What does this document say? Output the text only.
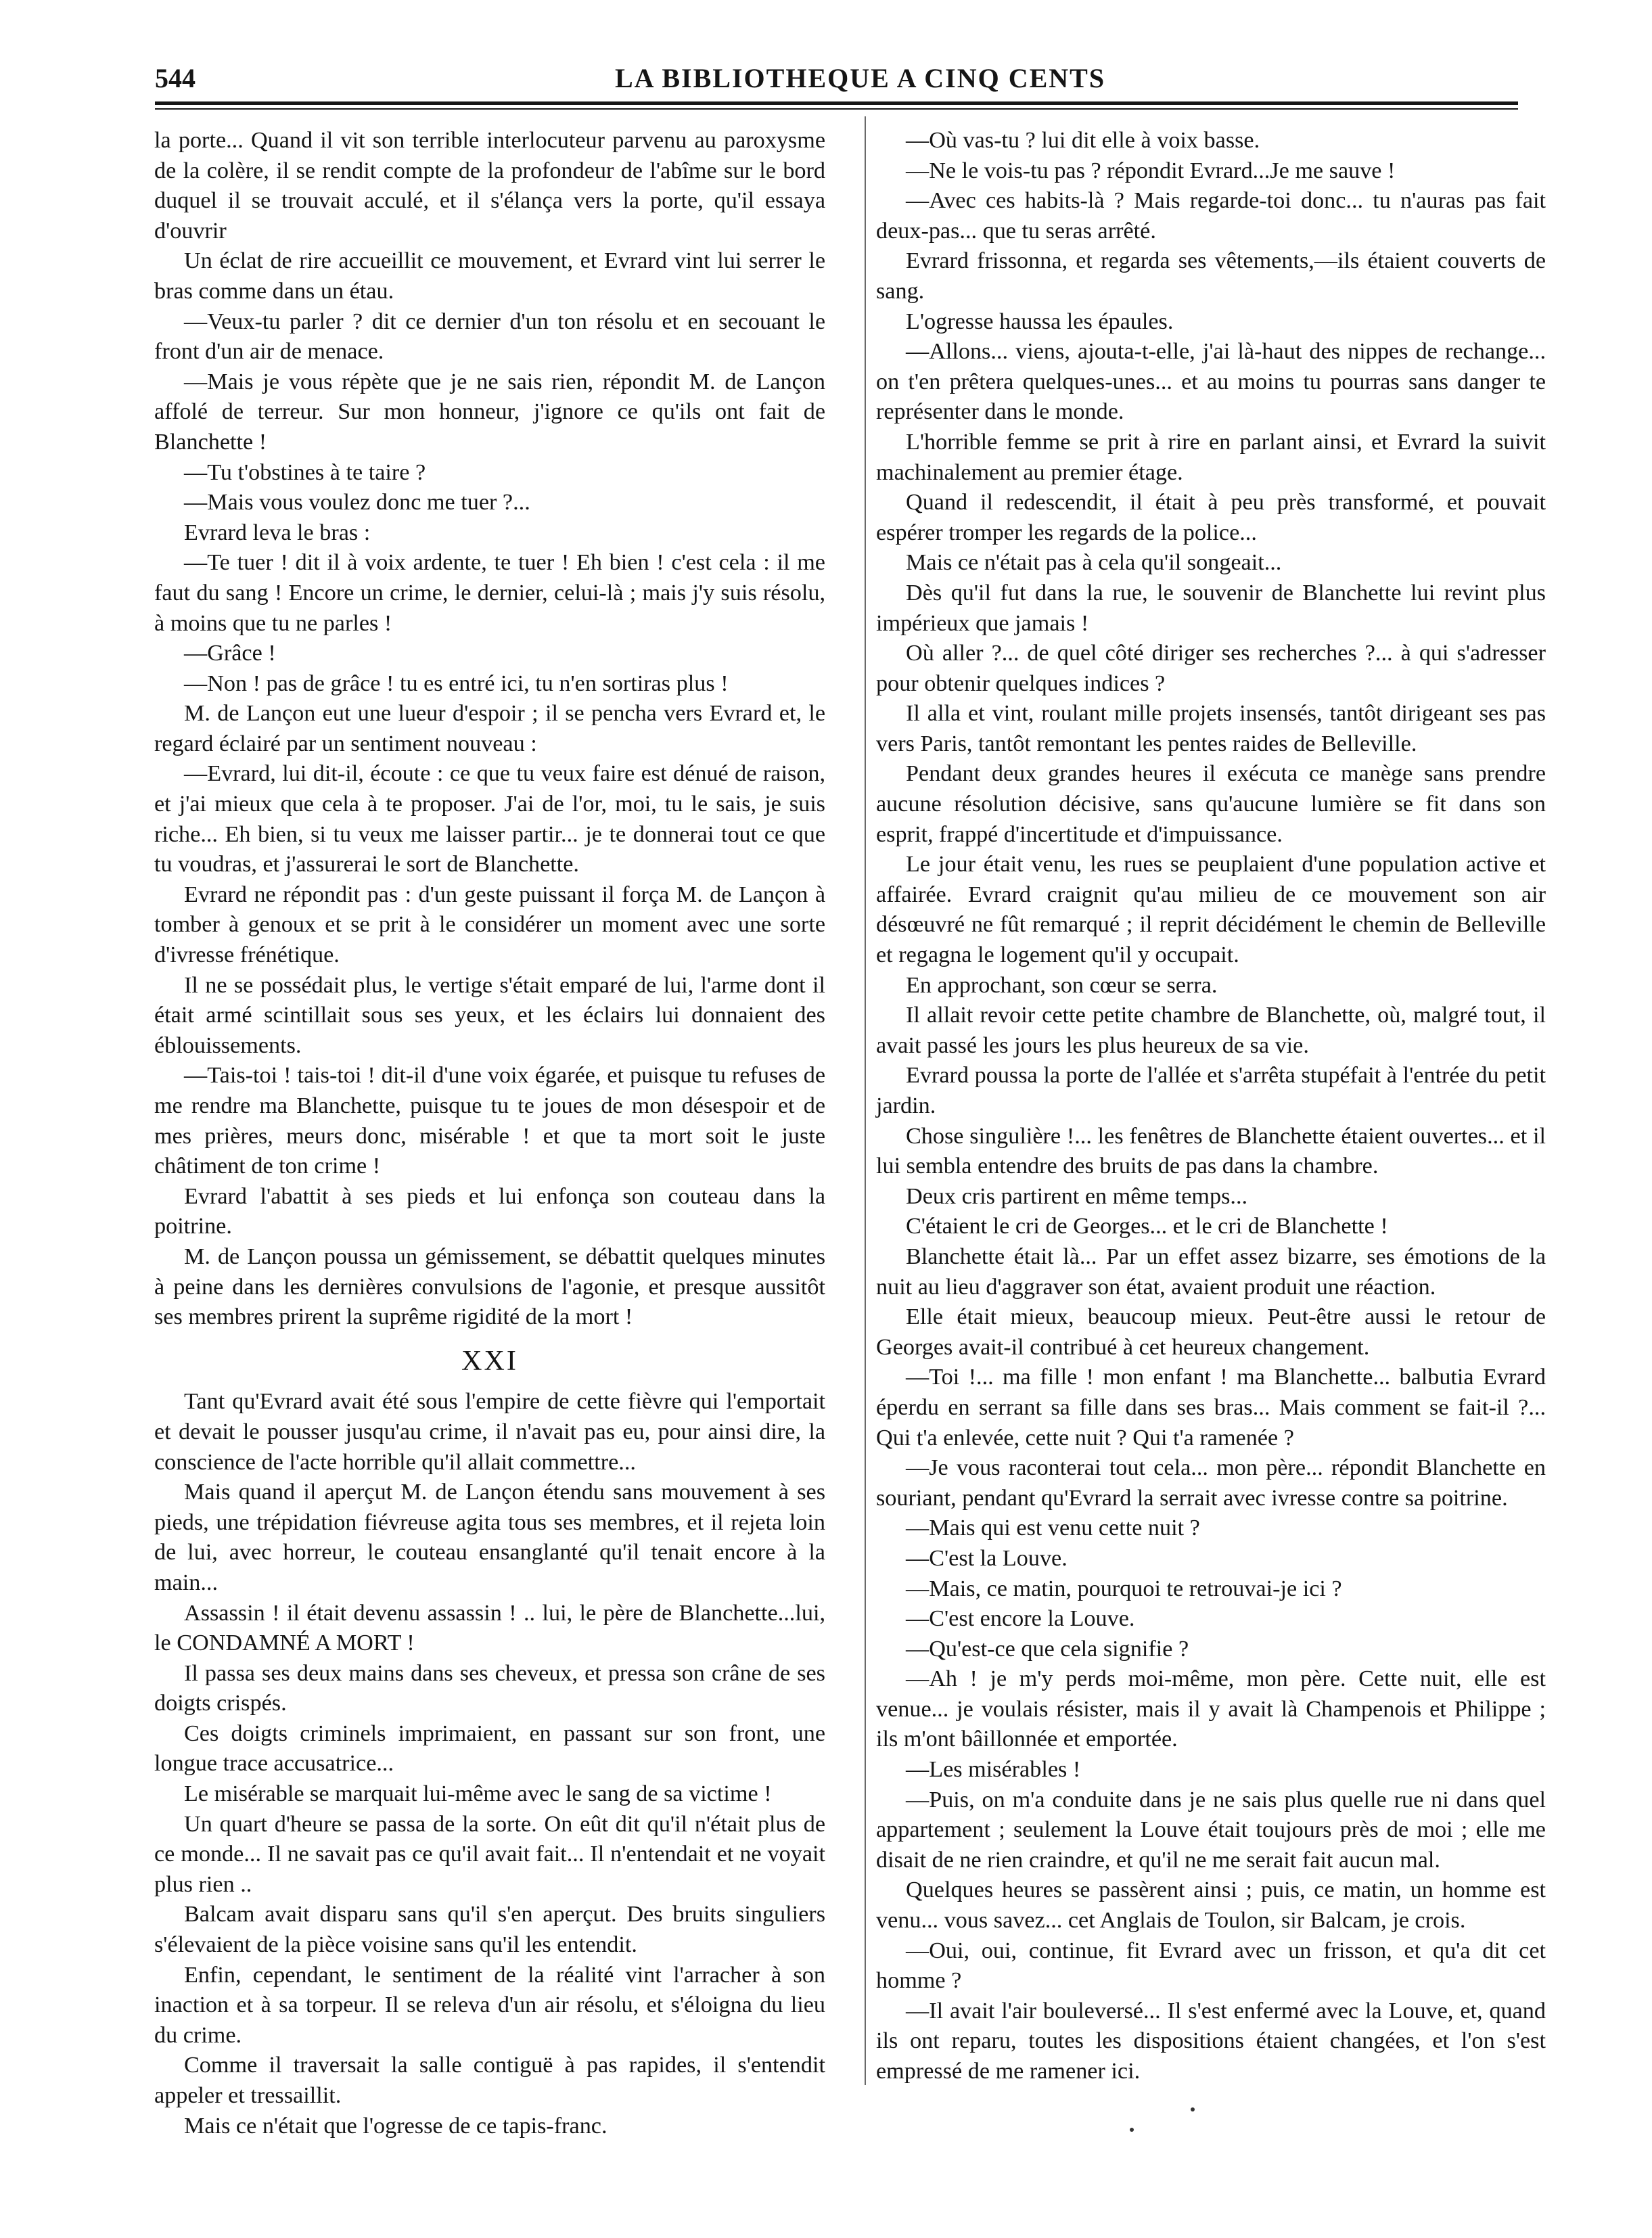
544	LA BIBLIOTHEQUE A CINQ CENTS

la porte... Quand il vit son terrible interlocuteur parvenu au paroxysme de la colère, il se rendit compte de la profondeur de l'abîme sur le bord duquel il se trouvait acculé, et il s'élança vers la porte, qu'il essaya d'ouvrir

Un éclat de rire accueillit ce mouvement, et Evrard vint lui serrer le bras comme dans un étau.

—Veux-tu parler ? dit ce dernier d'un ton résolu et en secouant le front d'un air de menace.

—Mais je vous répète que je ne sais rien, répondit M. de Lançon affolé de terreur. Sur mon honneur, j'ignore ce qu'ils ont fait de Blanchette !

—Tu t'obstines à te taire ?

—Mais vous voulez donc me tuer ?...

Evrard leva le bras :

—Te tuer ! dit il à voix ardente, te tuer ! Eh bien ! c'est cela : il me faut du sang ! Encore un crime, le dernier, celui-là ; mais j'y suis résolu, à moins que tu ne parles !

—Grâce !

—Non ! pas de grâce ! tu es entré ici, tu n'en sortiras plus !

M. de Lançon eut une lueur d'espoir ; il se pencha vers Evrard et, le regard éclairé par un sentiment nouveau :

—Evrard, lui dit-il, écoute : ce que tu veux faire est dénué de raison, et j'ai mieux que cela à te proposer. J'ai de l'or, moi, tu le sais, je suis riche... Eh bien, si tu veux me laisser partir... je te donnerai tout ce que tu voudras, et j'assurerai le sort de Blanchette.

Evrard ne répondit pas : d'un geste puissant il força M. de Lançon à tomber à genoux et se prit à le considérer un moment avec une sorte d'ivresse frénétique.

Il ne se possédait plus, le vertige s'était emparé de lui, l'arme dont il était armé scintillait sous ses yeux, et les éclairs lui donnaient des éblouissements.

—Tais-toi ! tais-toi ! dit-il d'une voix égarée, et puisque tu refuses de me rendre ma Blanchette, puisque tu te joues de mon désespoir et de mes prières, meurs donc, misérable ! et que ta mort soit le juste châtiment de ton crime !

Evrard l'abattit à ses pieds et lui enfonça son couteau dans la poitrine.

M. de Lançon poussa un gémissement, se débattit quelques minutes à peine dans les dernières convulsions de l'agonie, et presque aussitôt ses membres prirent la suprême rigidité de la mort !

XXI

Tant qu'Evrard avait été sous l'empire de cette fièvre qui l'emportait et devait le pousser jusqu'au crime, il n'avait pas eu, pour ainsi dire, la conscience de l'acte horrible qu'il allait commettre...

Mais quand il aperçut M. de Lançon étendu sans mouvement à ses pieds, une trépidation fiévreuse agita tous ses membres, et il rejeta loin de lui, avec horreur, le couteau ensanglanté qu'il tenait encore à la main...

Assassin ! il était devenu assassin ! .. lui, le père de Blanchette...lui, le CONDAMNÉ A MORT !

Il passa ses deux mains dans ses cheveux, et pressa son crâne de ses doigts crispés.

Ces doigts criminels imprimaient, en passant sur son front, une longue trace accusatrice...

Le misérable se marquait lui-même avec le sang de sa victime !

Un quart d'heure se passa de la sorte. On eût dit qu'il n'était plus de ce monde... Il ne savait pas ce qu'il avait fait... Il n'entendait et ne voyait plus rien ..

Balcam avait disparu sans qu'il s'en aperçut. Des bruits singuliers s'élevaient de la pièce voisine sans qu'il les entendit.

Enfin, cependant, le sentiment de la réalité vint l'arracher à son inaction et à sa torpeur. Il se releva d'un air résolu, et s'éloigna du lieu du crime.

Comme il traversait la salle contiguë à pas rapides, il s'entendit appeler et tressaillit.

Mais ce n'était que l'ogresse de ce tapis-franc.

—Où vas-tu ? lui dit elle à voix basse.

—Ne le vois-tu pas ? répondit Evrard...Je me sauve !

—Avec ces habits-là ? Mais regarde-toi donc... tu n'auras pas fait deux-pas... que tu seras arrêté.

Evrard frissonna, et regarda ses vêtements,—ils étaient couverts de sang.

L'ogresse haussa les épaules.

—Allons... viens, ajouta-t-elle, j'ai là-haut des nippes de rechange... on t'en prêtera quelques-unes... et au moins tu pourras sans danger te représenter dans le monde.

L'horrible femme se prit à rire en parlant ainsi, et Evrard la suivit machinalement au premier étage.

Quand il redescendit, il était à peu près transformé, et pouvait espérer tromper les regards de la police...

Mais ce n'était pas à cela qu'il songeait...

Dès qu'il fut dans la rue, le souvenir de Blanchette lui revint plus impérieux que jamais !

Où aller ?... de quel côté diriger ses recherches ?... à qui s'adresser pour obtenir quelques indices ?

Il alla et vint, roulant mille projets insensés, tantôt dirigeant ses pas vers Paris, tantôt remontant les pentes raides de Belleville.

Pendant deux grandes heures il exécuta ce manège sans prendre aucune résolution décisive, sans qu'aucune lumière se fit dans son esprit, frappé d'incertitude et d'impuissance.

Le jour était venu, les rues se peuplaient d'une population active et affairée. Evrard craignit qu'au milieu de ce mouvement son air désœuvré ne fût remarqué ; il reprit décidément le chemin de Belleville et regagna le logement qu'il y occupait.

En approchant, son cœur se serra.

Il allait revoir cette petite chambre de Blanchette, où, malgré tout, il avait passé les jours les plus heureux de sa vie.

Evrard poussa la porte de l'allée et s'arrêta stupéfait à l'entrée du petit jardin.

Chose singulière !... les fenêtres de Blanchette étaient ouvertes... et il lui sembla entendre des bruits de pas dans la chambre.

Deux cris partirent en même temps...

C'étaient le cri de Georges... et le cri de Blanchette !

Blanchette était là... Par un effet assez bizarre, ses émotions de la nuit au lieu d'aggraver son état, avaient produit une réaction.

Elle était mieux, beaucoup mieux. Peut-être aussi le retour de Georges avait-il contribué à cet heureux changement.

—Toi !... ma fille ! mon enfant ! ma Blanchette... balbutia Evrard éperdu en serrant sa fille dans ses bras... Mais comment se fait-il ?... Qui t'a enlevée, cette nuit ? Qui t'a ramenée ?

—Je vous raconterai tout cela... mon père... répondit Blanchette en souriant, pendant qu'Evrard la serrait avec ivresse contre sa poitrine.

—Mais qui est venu cette nuit ?

—C'est la Louve.

—Mais, ce matin, pourquoi te retrouvai-je ici ?

—C'est encore la Louve.

—Qu'est-ce que cela signifie ?

—Ah ! je m'y perds moi-même, mon père. Cette nuit, elle est venue... je voulais résister, mais il y avait là Champenois et Philippe ; ils m'ont bâillonnée et emportée.

—Les misérables !

—Puis, on m'a conduite dans je ne sais plus quelle rue ni dans quel appartement ; seulement la Louve était toujours près de moi ; elle me disait de ne rien craindre, et qu'il ne me serait fait aucun mal.

Quelques heures se passèrent ainsi ; puis, ce matin, un homme est venu... vous savez... cet Anglais de Toulon, sir Balcam, je crois.

—Oui, oui, continue, fit Evrard avec un frisson, et qu'a dit cet homme ?

—Il avait l'air bouleversé... Il s'est enfermé avec la Louve, et, quand ils ont reparu, toutes les dispositions étaient changées, et l'on s'est empressé de me ramener ici.
